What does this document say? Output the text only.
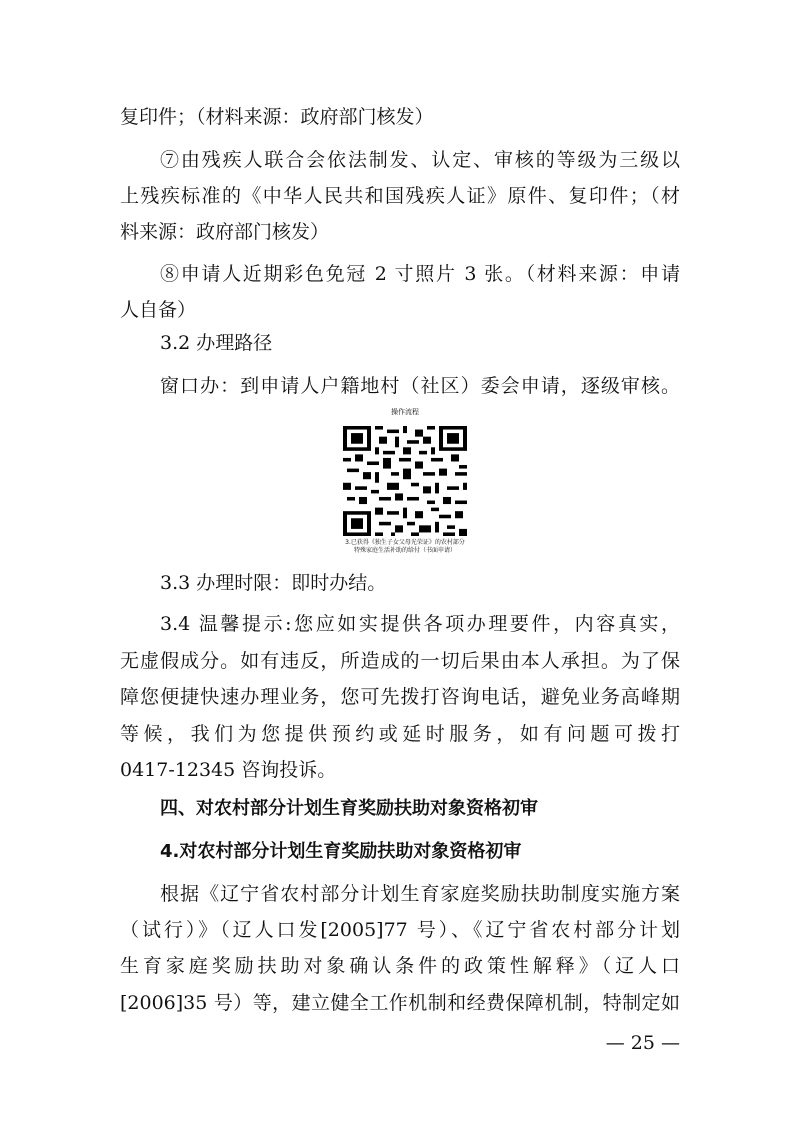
复印件；（材料来源：政府部门核发）
⑦由残疾人联合会依法制发、认定、审核的等级为三级以
上残疾标准的《中华人民共和国残疾人证》原件、复印件；（材
料来源：政府部门核发）
⑧申请人近期彩色免冠 2 寸照片 3 张。（材料来源：申请
人自备）
3.2 办理路径
窗口办：到申请人户籍地村（社区）委会申请，逐级审核。
操作流程
3.已获得《独生子女父母光荣证》的农村部分
特殊家庭生活补助的给付（书面申请）
3.3 办理时限：即时办结。
3.4 温馨提示:您应如实提供各项办理要件，内容真实，
无虚假成分。如有违反，所造成的一切后果由本人承担。为了保
障您便捷快速办理业务，您可先拨打咨询电话，避免业务高峰期
等候，我们为您提供预约或延时服务，如有问题可拨打
0417-12345 咨询投诉。
四、对农村部分计划生育奖励扶助对象资格初审
4.对农村部分计划生育奖励扶助对象资格初审
根据《辽宁省农村部分计划生育家庭奖励扶助制度实施方案
（试行）》（辽人口发[2005]77 号）、《辽宁省农村部分计划
生育家庭奖励扶助对象确认条件的政策性解释》（辽人口
[2006]35 号）等，建立健全工作机制和经费保障机制，特制定如
— 25 —
